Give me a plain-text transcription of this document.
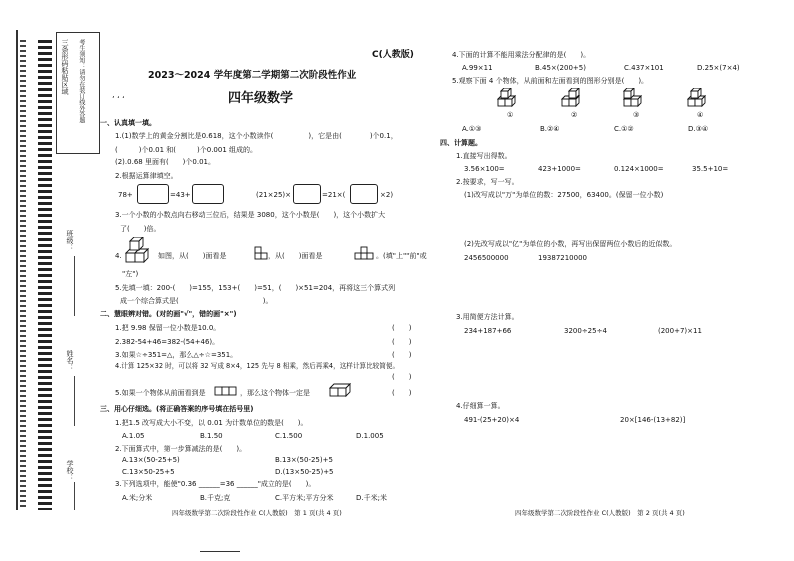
三条形码粘贴区域 考生须知：请勿在装订线外答题
班级：
姓名：
学校：
C(人教版)
2023～2024 学年度第二学期第二次阶段性作业
ʼ ʻ ʻ	四年级数学
一、认真填一填。
1.(1)数学上的黄金分割比是0.618，这个小数读作(　　　　　)，它是由(　　　　)个0.1，
(　　　)个0.01 和(　　　)个0.001 组成的。
(2).0.68 里面有(　　)个0.01。
2.根据运算律填空。
78+	=43+	(21×25)×	=21×(	×2)
3.一个小数的小数点向右移动三位后，结果是 3080，这个小数是(　　)，这个小数扩大
了(　　)倍。
4.	如图，从(　　)面看是	，从(　　)面看是	。(填"上""前"或
"左")
5.先填一填：200-(　　)=155，153+(　　)=51，(　　)×51=204，再将这三个算式列
成一个综合算式是(　　　　　　　　　　　　)。
二、慧眼辨对错。(对的画"√"，错的画"×")
1.把 9.98 保留一位小数是10.0。	(　　)
2.382-54+46=382-(54+46)。	(　　)
3.如果☆÷351=△，那么△÷☆=351。	(　　)
4.计算 125×32 时，可以将 32 写成 8×4，125 先与 8 相乘，然后再乘4，这样计算比较简便。
(　　)
5.如果一个物体从前面看到是	，那么这个物体一定是	(　　)
三、用心仔细选。(将正确答案的序号填在括号里)
1.把1.5 改写成大小不变，以 0.01 为计数单位的数是(　　)。
A.1.05	B.1.50	C.1.500	D.1.005
2.下面算式中，第一步算减法的是(　　)。
A.13×(50-25+5)	B.13×(50-25)+5
C.13×50-25+5	D.(13×50-25)+5
3.下列选项中，能使"0.36 ______=36 ______"成立的是(　　)。
A.米;分米	B.千克;克	C.平方米;平方分米	D.千米;米
四年级数学第二次阶段性作业 C(人教版)　第 1 页(共 4 页)
4.下面的计算不能用乘法分配律的是(　　)。
A.99×11	B.45×(200+5)	C.437×101	D.25×(7×4)
5.观察下面 4 个物体，从前面和左面看到的图形分别是(　　)。
①	②	③	④
A.①③	B.②④	C.①②	D.③④
四、计算题。
1.直接写出得数。
3.56×100=	423+1000=	0.124×1000=	35.5+10=
2.按要求，写一写。
(1)改写成以"万"为单位的数：27500，63400。(保留一位小数)
(2)先改写成以"亿"为单位的小数，再写出保留两位小数后的近似数。
2456500000	19387210000
3.用简便方法计算。
234+187+66	3200÷25÷4	(200+7)×11
4.仔细算一算。
491-(25+20)×4	20×[146-(13+82)]
四年级数学第二次阶段性作业 C(人教版)　第 2 页(共 4 页)
